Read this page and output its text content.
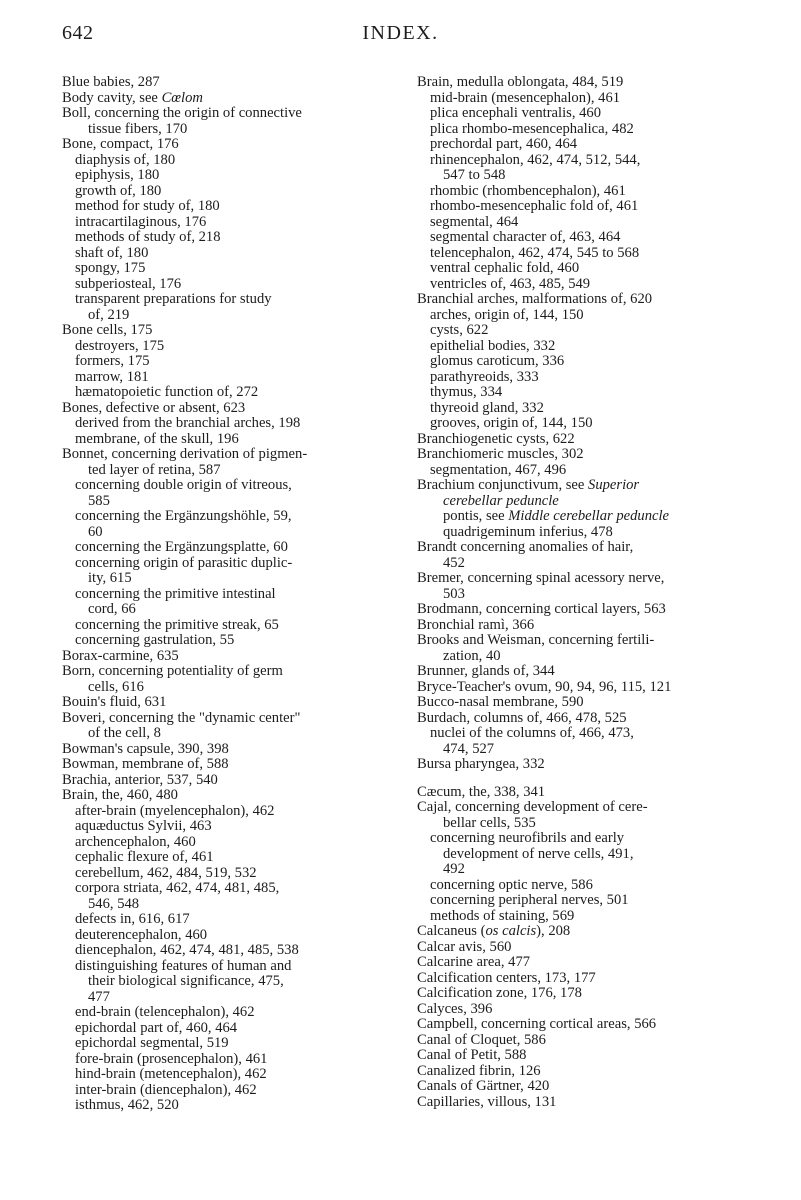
642	INDEX.
Blue babies, 287
Body cavity, see Cœlom
Boll, concerning the origin of connective
tissue fibers, 170
Bone, compact, 176
diaphysis of, 180
epiphysis, 180
growth of, 180
method for study of, 180
intracartilaginous, 176
methods of study of, 218
shaft of, 180
spongy, 175
subperiosteal, 176
transparent preparations for study
of, 219
Bone cells, 175
destroyers, 175
formers, 175
marrow, 181
hæmatopoietic function of, 272
Bones, defective or absent, 623
derived from the branchial arches, 198
membrane, of the skull, 196
Bonnet, concerning derivation of pigmen-
ted layer of retina, 587
concerning double origin of vitreous,
585
concerning the Ergänzungshöhle, 59,
60
concerning the Ergänzungsplatte, 60
concerning origin of parasitic duplic-
ity, 615
concerning the primitive intestinal
cord, 66
concerning the primitive streak, 65
concerning gastrulation, 55
Borax-carmine, 635
Born, concerning potentiality of germ
cells, 616
Bouin's fluid, 631
Boveri, concerning the "dynamic center"
of the cell, 8
Bowman's capsule, 390, 398
Bowman, membrane of, 588
Brachia, anterior, 537, 540
Brain, the, 460, 480
after-brain (myelencephalon), 462
aquæductus Sylvii, 463
archencephalon, 460
cephalic flexure of, 461
cerebellum, 462, 484, 519, 532
corpora striata, 462, 474, 481, 485,
546, 548
defects in, 616, 617
deuterencephalon, 460
diencephalon, 462, 474, 481, 485, 538
distinguishing features of human and
their biological significance, 475,
477
end-brain (telencephalon), 462
epichordal part of, 460, 464
epichordal segmental, 519
fore-brain (prosencephalon), 461
hind-brain (metencephalon), 462
inter-brain (diencephalon), 462
isthmus, 462, 520
Brain, medulla oblongata, 484, 519
mid-brain (mesencephalon), 461
plica encephali ventralis, 460
plica rhombo-mesencephalica, 482
prechordal part, 460, 464
rhinencephalon, 462, 474, 512, 544,
547 to 548
rhombic (rhombencephalon), 461
rhombo-mesencephalic fold of, 461
segmental, 464
segmental character of, 463, 464
telencephalon, 462, 474, 545 to 568
ventral cephalic fold, 460
ventricles of, 463, 485, 549
Branchial arches, malformations of, 620
arches, origin of, 144, 150
cysts, 622
epithelial bodies, 332
glomus caroticum, 336
parathyreoids, 333
thymus, 334
thyreoid gland, 332
grooves, origin of, 144, 150
Branchiogenetic cysts, 622
Branchiomeric muscles, 302
segmentation, 467, 496
Brachium conjunctivum, see Superior
cerebellar peduncle
pontis, see Middle cerebellar peduncle
quadrigeminum inferius, 478
Brandt concerning anomalies of hair,
452
Bremer, concerning spinal acessory nerve,
503
Brodmann, concerning cortical layers, 563
Bronchial ramì, 366
Brooks and Weisman, concerning fertili-
zation, 40
Brunner, glands of, 344
Bryce-Teacher's ovum, 90, 94, 96, 115, 121
Bucco-nasal membrane, 590
Burdach, columns of, 466, 478, 525
nuclei of the columns of, 466, 473,
474, 527
Bursa pharyngea, 332
Cæcum, the, 338, 341
Cajal, concerning development of cere-
bellar cells, 535
concerning neurofibrils and early
development of nerve cells, 491,
492
concerning optic nerve, 586
concerning peripheral nerves, 501
methods of staining, 569
Calcaneus (os calcis), 208
Calcar avis, 560
Calcarine area, 477
Calcification centers, 173, 177
Calcification zone, 176, 178
Calyces, 396
Campbell, concerning cortical areas, 566
Canal of Cloquet, 586
Canal of Petit, 588
Canalized fibrin, 126
Canals of Gärtner, 420
Capillaries, villous, 131
